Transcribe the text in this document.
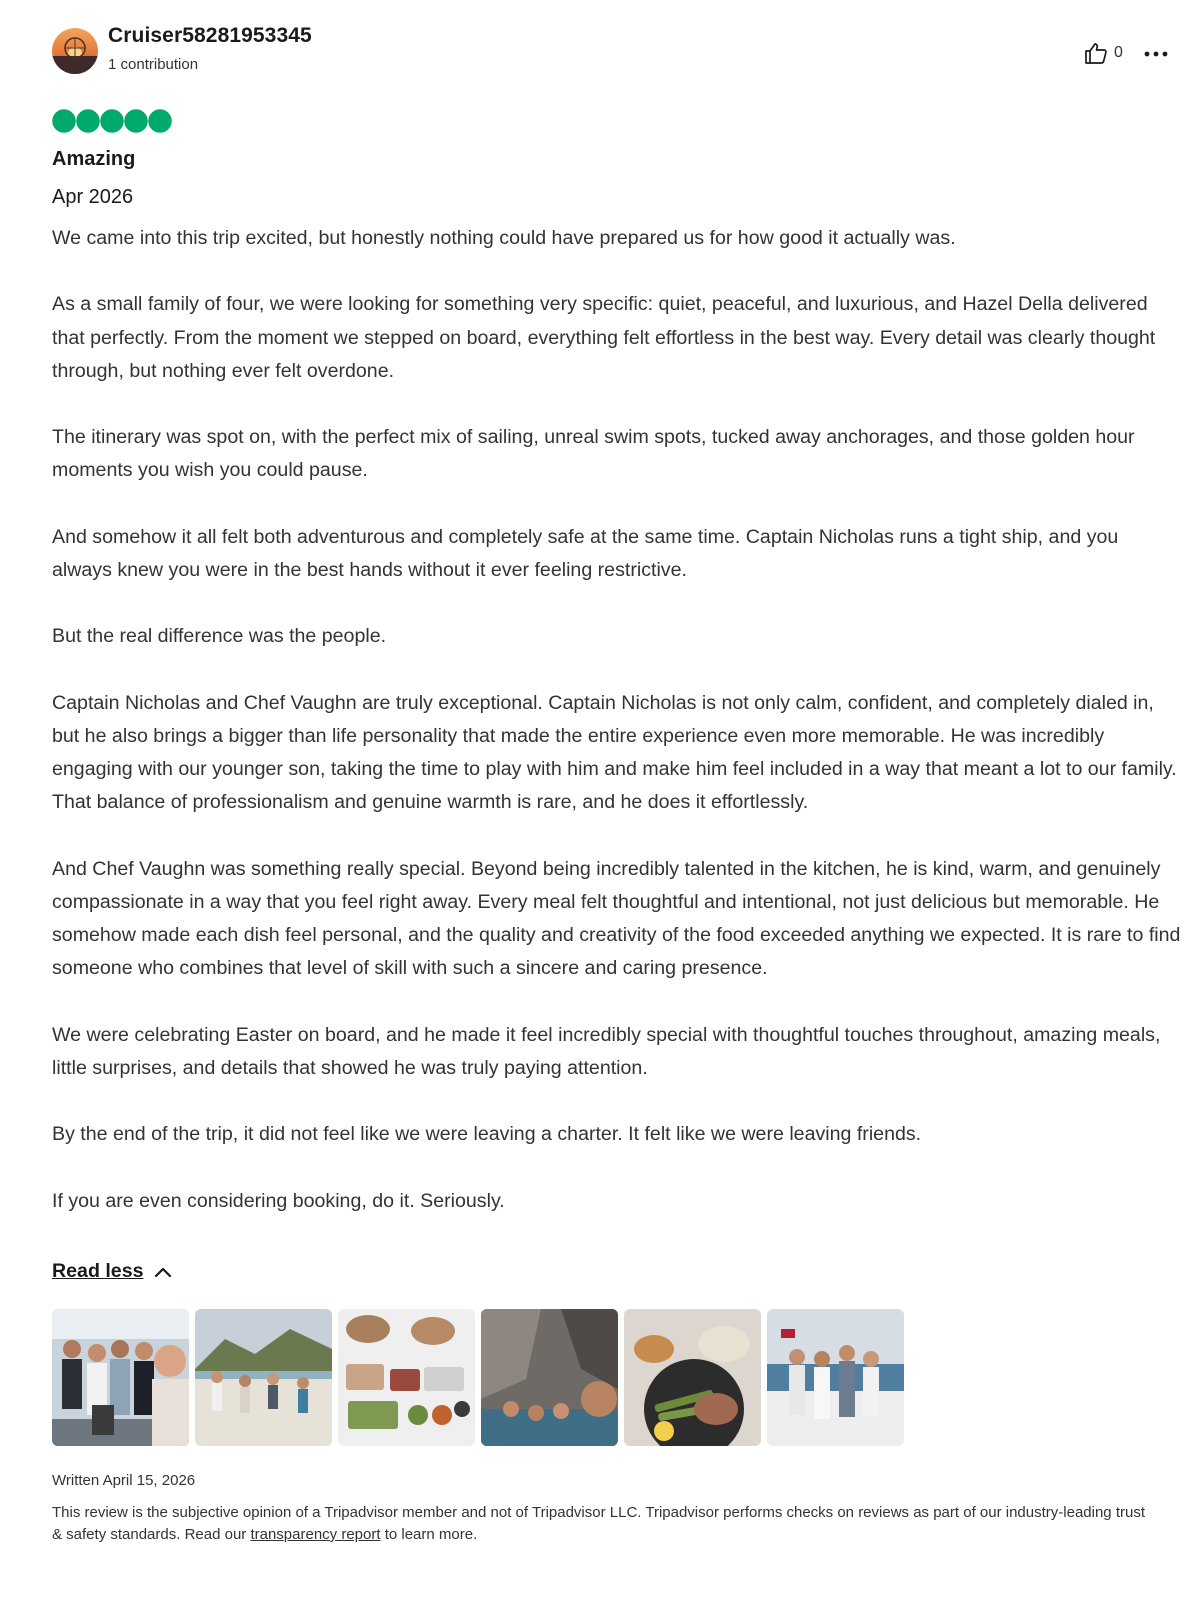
Cruiser58281953345
1 contribution
0
Amazing
Apr 2026

We came into this trip excited, but honestly nothing could have prepared us for how good it actually was.

As a small family of four, we were looking for something very specific: quiet, peaceful, and luxurious, and Hazel Della delivered that perfectly. From the moment we stepped on board, everything felt effortless in the best way. Every detail was clearly thought through, but nothing ever felt overdone.

The itinerary was spot on, with the perfect mix of sailing, unreal swim spots, tucked away anchorages, and those golden hour moments you wish you could pause.

And somehow it all felt both adventurous and completely safe at the same time. Captain Nicholas runs a tight ship, and you always knew you were in the best hands without it ever feeling restrictive.

But the real difference was the people.

Captain Nicholas and Chef Vaughn are truly exceptional. Captain Nicholas is not only calm, confident, and completely dialed in, but he also brings a bigger than life personality that made the entire experience even more memorable. He was incredibly engaging with our younger son, taking the time to play with him and make him feel included in a way that meant a lot to our family. That balance of professionalism and genuine warmth is rare, and he does it effortlessly.

And Chef Vaughn was something really special. Beyond being incredibly talented in the kitchen, he is kind, warm, and genuinely compassionate in a way that you feel right away. Every meal felt thoughtful and intentional, not just delicious but memorable. He somehow made each dish feel personal, and the quality and creativity of the food exceeded anything we expected. It is rare to find someone who combines that level of skill with such a sincere and caring presence.

We were celebrating Easter on board, and he made it feel incredibly special with thoughtful touches throughout, amazing meals, little surprises, and details that showed he was truly paying attention.

By the end of the trip, it did not feel like we were leaving a charter. It felt like we were leaving friends.

If you are even considering booking, do it. Seriously.

Read less
Written April 15, 2026
This review is the subjective opinion of a Tripadvisor member and not of Tripadvisor LLC. Tripadvisor performs checks on reviews as part of our industry-leading trust & safety standards. Read our transparency report to learn more.
